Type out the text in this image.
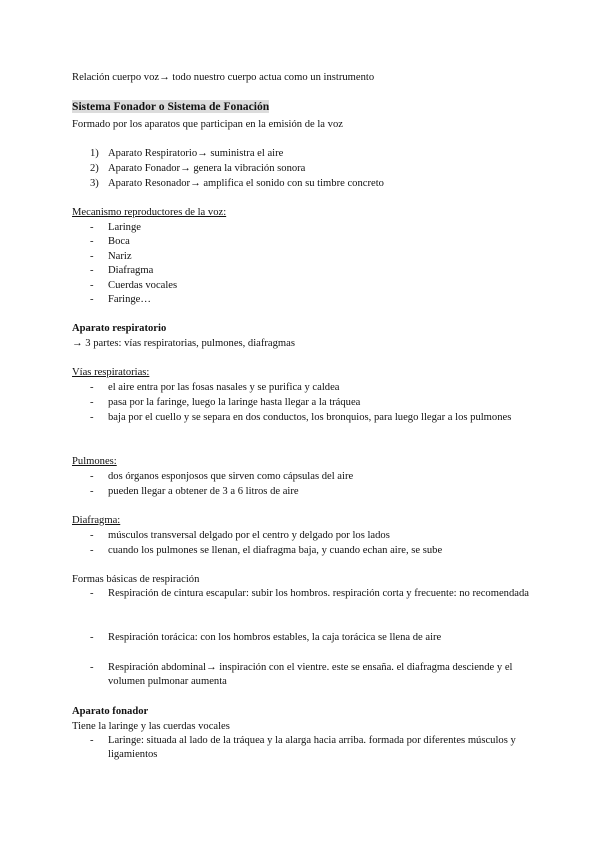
Relación cuerpo voz→ todo nuestro cuerpo actua como un instrumento
Sistema Fonador o Sistema de Fonación
Formado por los aparatos que participan en la emisión de la voz
1) Aparato Respiratorio→ suministra el aire
2) Aparato Fonador→ genera la vibración sonora
3) Aparato Resonador→ amplifica el sonido con su timbre concreto
Mecanismo reproductores de la voz:
-	Laringe
-	Boca
-	Nariz
-	Diafragma
-	Cuerdas vocales
-	Faringe…
Aparato respiratorio
→ 3 partes: vías respiratorias, pulmones, diafragmas
Vías respiratorias:
-	el aire entra por las fosas nasales y se purifica y caldea
-	pasa por la faringe, luego la laringe hasta llegar a la tráquea
-	baja por el cuello y se separa en dos conductos, los bronquios, para luego llegar a los pulmones
Pulmones:
-	dos órganos esponjosos que sirven como cápsulas del aire
-	pueden llegar a obtener de 3 a 6 litros de aire
Diafragma:
-	músculos transversal delgado por el centro y delgado por los lados
-	cuando los pulmones se llenan, el diafragma baja, y cuando echan aire, se sube
Formas básicas de respiración
-	Respiración de cintura escapular: subir los hombros. respiración corta y frecuente: no recomendada
-	Respiración torácica: con los hombros estables, la caja torácica se llena de aire
-	Respiración abdominal→ inspiración con el vientre. este se ensaña. el diafragma desciende y el volumen pulmonar aumenta
Aparato fonador
Tiene la laringe y las cuerdas vocales
-	Laringe: situada al lado de la tráquea y la alarga hacia arriba. formada por diferentes músculos y ligamientos
